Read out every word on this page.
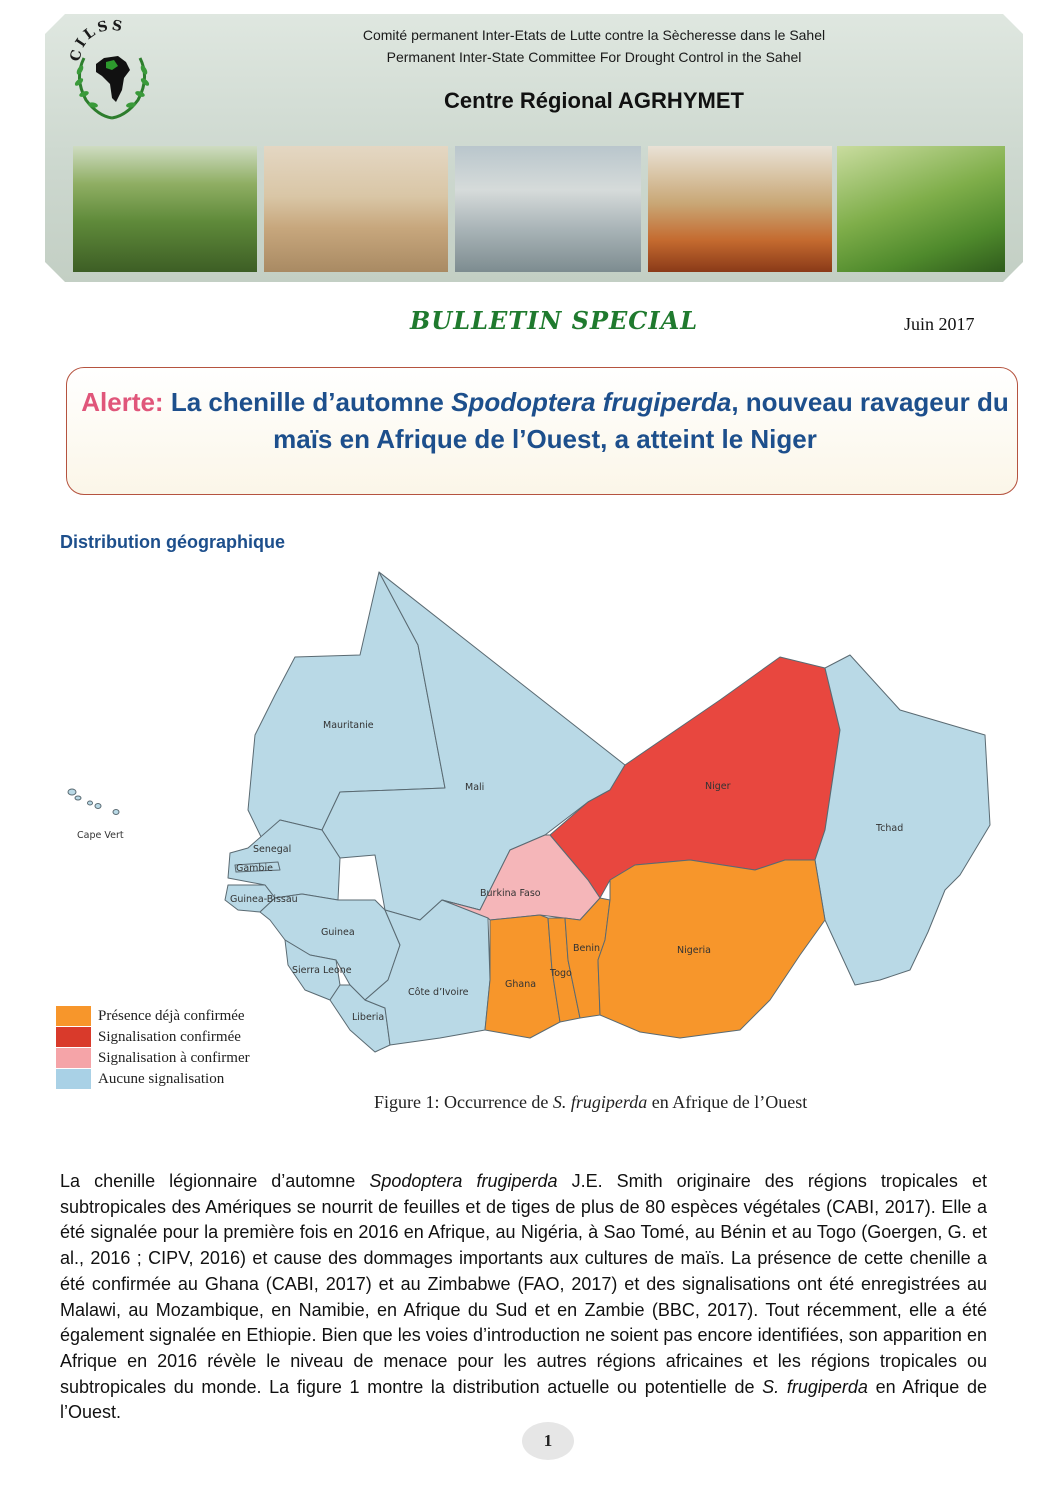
CILSS	Comité permanent Inter-Etats de Lutte contre la Sècheresse dans le Sahel
Permanent Inter-State Committee For Drought Control in the Sahel
Centre Régional AGRHYMET
BULLETIN SPECIAL	Juin 2017
Alerte: La chenille d’automne Spodoptera frugiperda, nouveau ravageur du maïs en Afrique de l’Ouest, a atteint le Niger
Distribution géographique
Mauritanie
Mali	Niger
Tchad
Cape Vert
Senegal
Gambie
Guinea-Bissau
Guinea
Sierra Leone
Liberia
Côte d’Ivoire
Burkina Faso
Ghana
Togo
Benin	Nigeria
Présence déjà confirmée
Signalisation confirmée
Signalisation à confirmer
Aucune signalisation
Figure 1: Occurrence de S. frugiperda en Afrique de l’Ouest
La chenille légionnaire d’automne Spodoptera frugiperda J.E. Smith originaire des régions tropicales et subtropicales des Amériques se nourrit de feuilles et de tiges de plus de 80 espèces végétales (CABI, 2017). Elle a été signalée pour la première fois en 2016 en Afrique, au Nigéria, à Sao Tomé, au Bénin et au Togo (Goergen, G. et al., 2016 ; CIPV, 2016) et cause des dommages importants aux cultures de maïs. La présence de cette chenille a été confirmée au Ghana (CABI, 2017) et au Zimbabwe (FAO, 2017) et des signalisations ont été enregistrées au Malawi, au Mozambique, en Namibie, en Afrique du Sud et en Zambie (BBC, 2017). Tout récemment, elle a été également signalée en Ethiopie. Bien que les voies d’introduction ne soient pas encore identifiées, son apparition en Afrique en 2016 révèle le niveau de menace pour les autres régions africaines et les régions tropicales ou subtropicales du monde. La figure 1 montre la distribution actuelle ou potentielle de S. frugiperda en Afrique de l’Ouest.
1
